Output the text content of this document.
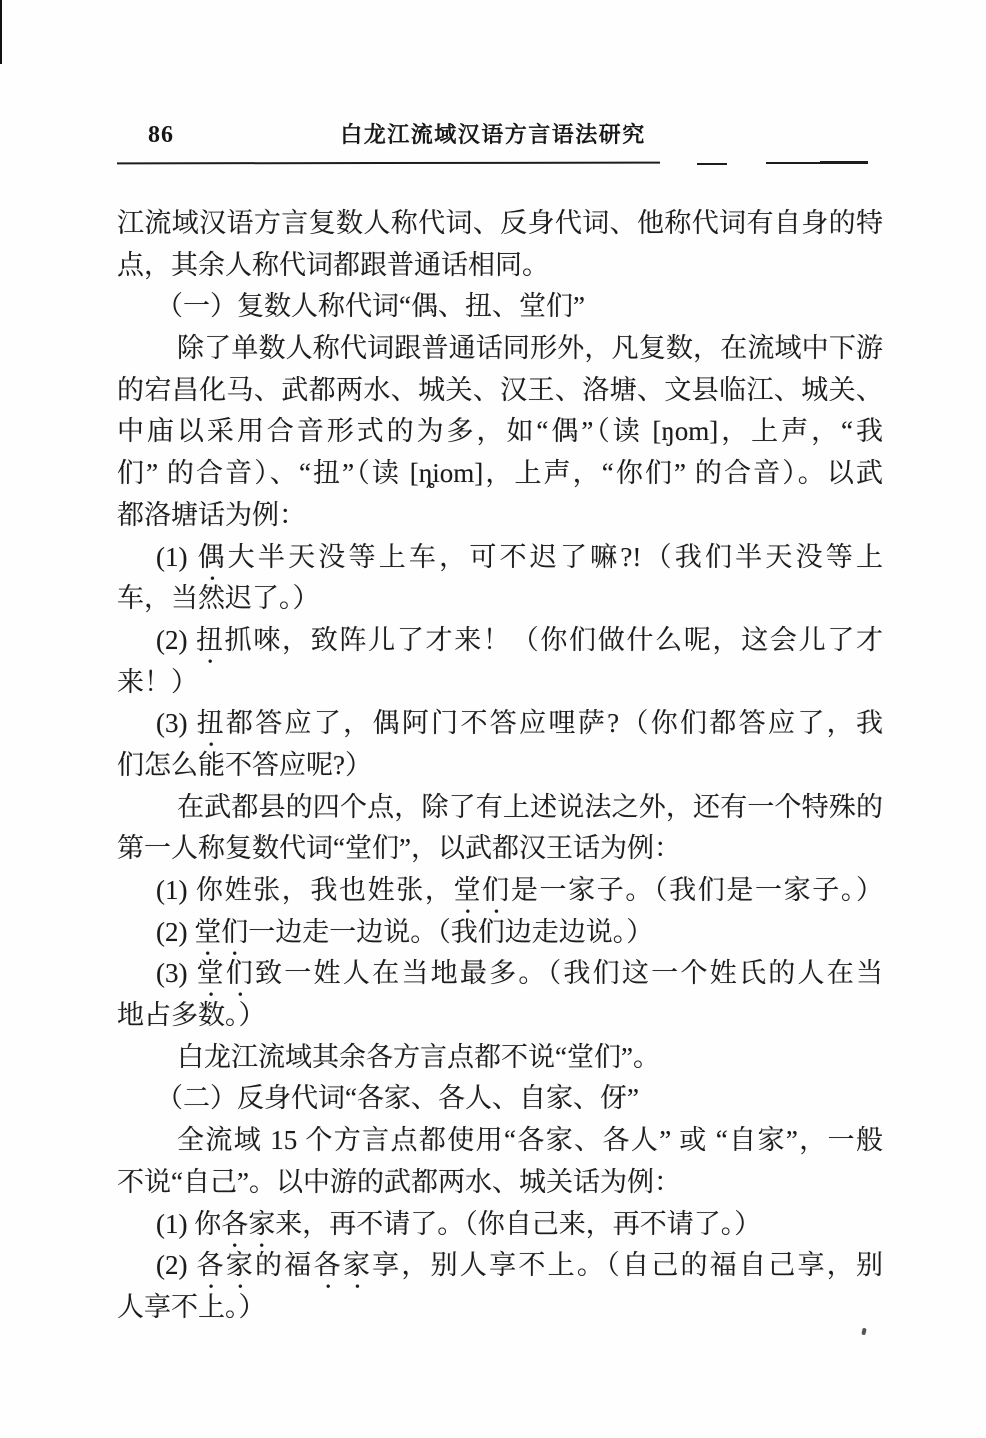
86	白龙江流域汉语方言语法研究
江流域汉语方言复数人称代词、反身代词、他称代词有自身的特
点，其余人称代词都跟普通话相同。
（一）复数人称代词“偶、扭、堂们”
除了单数人称代词跟普通话同形外，凡复数，在流域中下游
的宕昌化马、武都两水、城关、汉王、洛塘、文县临江、城关、
中庙以采用合音形式的为多，如“偶”（读 [ŋom]，上声，“我
们” 的合音）、“扭”（读 [ȵiom]，上声，“你们” 的合音）。以武
都洛塘话为例：
(1) 偶大半天没等上车，可不迟了嘛?!（我们半天没等上
车，当然迟了。）
(2) 扭抓唻，致阵儿了才来！（你们做什么呢，这会儿了才
来！）
(3) 扭都答应了，偶阿门不答应哩萨?（你们都答应了，我
们怎么能不答应呢?）
在武都县的四个点，除了有上述说法之外，还有一个特殊的
第一人称复数代词“堂们”，以武都汉王话为例：
(1) 你姓张，我也姓张，堂们是一家子。（我们是一家子。）
(2) 堂们一边走一边说。（我们边走边说。）
(3) 堂们致一姓人在当地最多。（我们这一个姓氏的人在当
地占多数。）
白龙江流域其余各方言点都不说“堂们”。
（二）反身代词“各家、各人、自家、伢”
全流域 15 个方言点都使用“各家、各人” 或 “自家”，一般
不说“自己”。以中游的武都两水、城关话为例：
(1) 你各家来，再不请了。（你自己来，再不请了。）
(2) 各家的福各家享，别人享不上。（自己的福自己享，别
人享不上。）
